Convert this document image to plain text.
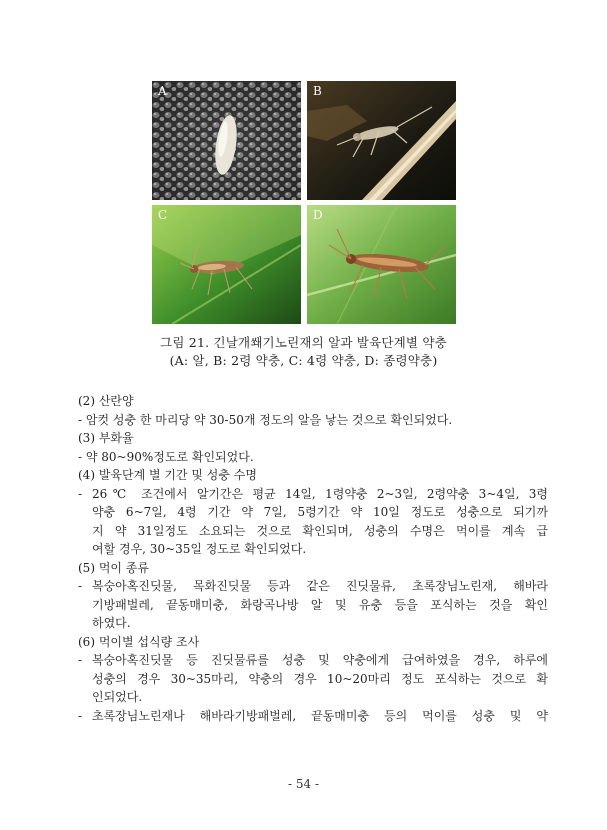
A	B
C	D
그림 21. 긴날개쐐기노린재의 알과 발육단계별 약충
(A: 알, B: 2령 약충, C: 4령 약충, D: 종령약충)
(2) 산란양
- 암컷 성충 한 마리당 약 30-50개 정도의 알을 낳는 것으로 확인되었다.
(3) 부화율
- 약 80~90%정도로 확인되었다.
(4) 발육단계 별 기간 및 성충 수명
- 26℃ 조건에서 알기간은 평균 14일, 1령약충 2~3일, 2령약충 3~4일, 3령
약충 6~7일, 4령 기간 약 7일, 5령기간 약 10일 정도로 성충으로 되기까
지 약 31일정도 소요되는 것으로 확인되며, 성충의 수명은 먹이를 계속 급
여할 경우, 30~35일 정도로 확인되었다.
(5) 먹이 종류
- 복숭아혹진딧물, 목화진딧물 등과 같은 진딧물류, 초록장님노린재, 해바라
기방패벌레, 끝동매미충, 화랑곡나방 알 및 유충 등을 포식하는 것을 확인
하였다.
(6) 먹이별 섭식량 조사
- 복숭아혹진딧물 등 진딧물류를 성충 및 약충에게 급여하였을 경우, 하루에
성충의 경우 30~35마리, 약충의 경우 10~20마리 정도 포식하는 것으로 확
인되었다.
- 초록장님노린재나 해바라기방패벌레, 끝동매미충 등의 먹이를 성충 및 약
- 54 -
